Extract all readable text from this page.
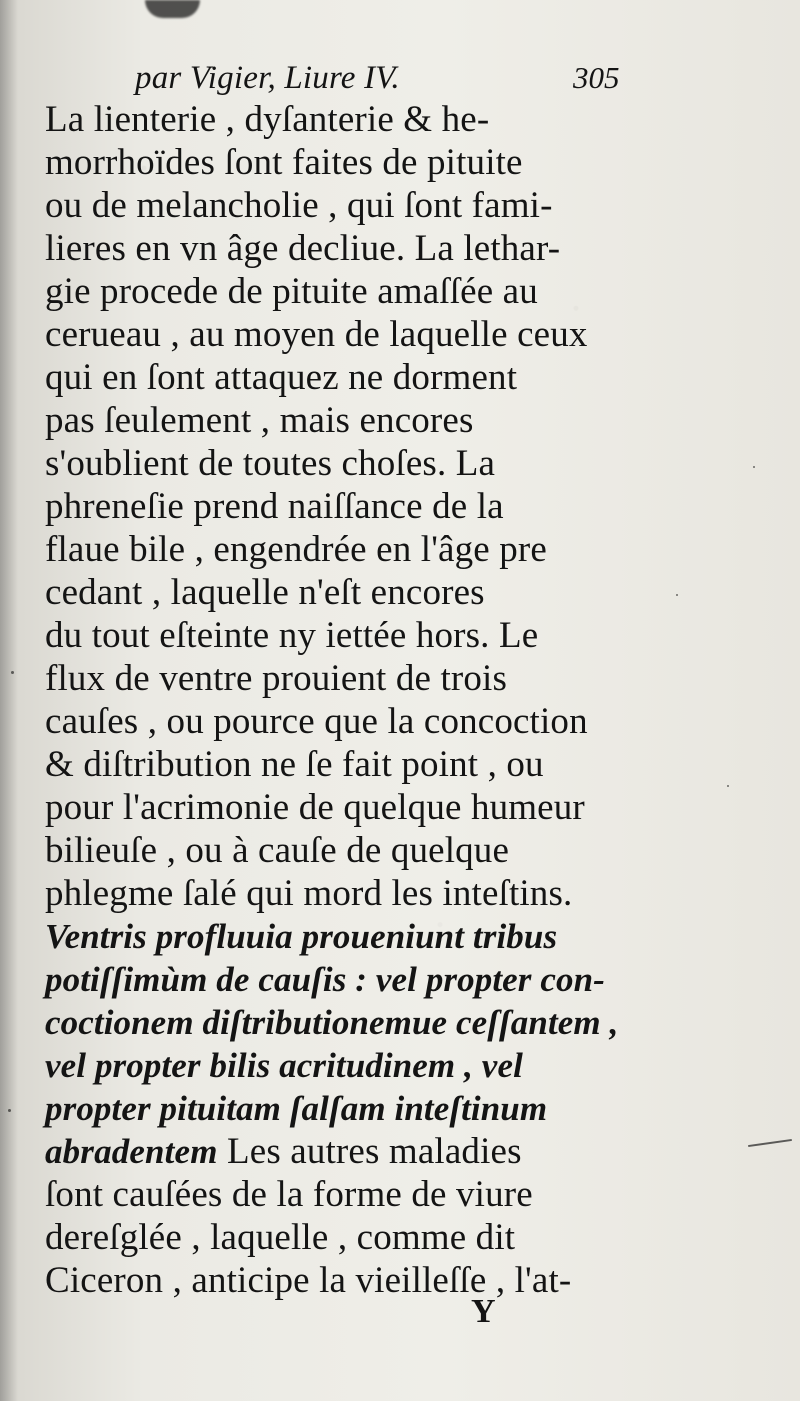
par Vigier, Liure IV.	305
La lienterie , dyſanterie & he-
morrhoïdes ſont faites de pituite
ou de melancholie , qui ſont fami-
lieres en vn âge decliue. La lethar-
gie procede de pituite amaſſée au
cerueau , au moyen de laquelle ceux
qui en ſont attaquez ne dorment
pas ſeulement , mais encores
s'oublient de toutes choſes. La
phreneſie prend naiſſance de la
flaue bile , engendrée en l'âge pre
cedant , laquelle n'eſt encores
du tout eſteinte ny iettée hors. Le
flux de ventre prouient de trois
cauſes , ou pource que la concoction
& diſtribution ne ſe fait point , ou
pour l'acrimonie de quelque humeur
bilieuſe , ou à cauſe de quelque
phlegme ſalé qui mord les inteſtins.
Ventris profluuia proueniunt tribus
potiſſimùm de cauſis : vel propter con-
coctionem diſtributionemue ceſſantem ,
vel propter bilis acritudinem , vel
propter pituitam ſalſam inteſtinum
abradentem Les autres maladies
ſont cauſées de la forme de viure
dereſglée , laquelle , comme dit
Ciceron , anticipe la vieilleſſe , l'at-
Y
